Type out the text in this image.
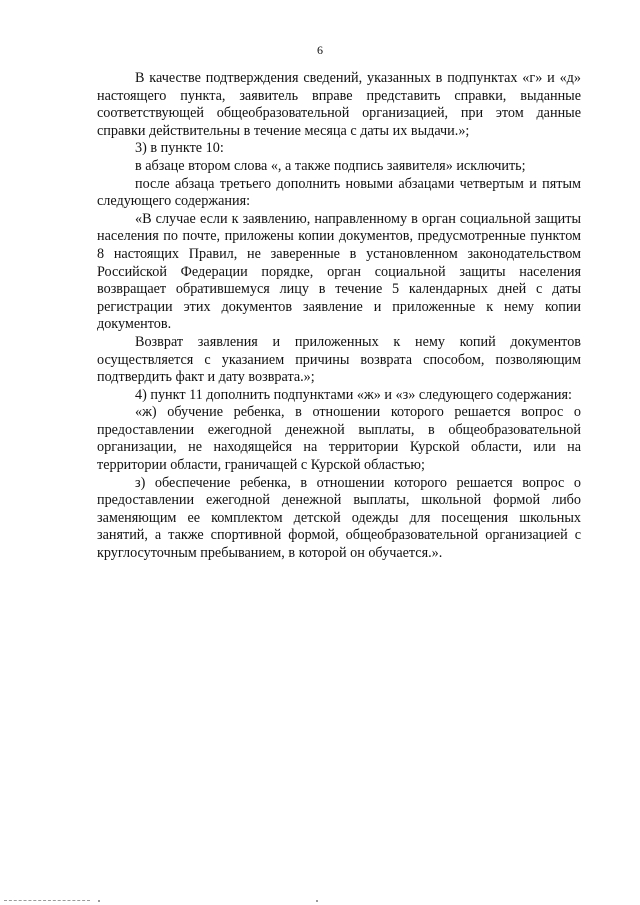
6

В качестве подтверждения сведений, указанных в подпунктах «г» и «д» настоящего пункта, заявитель вправе представить справки, выданные соответствующей общеобразовательной организацией, при этом данные справки действительны в течение месяца с даты их выдачи.»;

3) в пункте 10:

в абзаце втором слова «, а также подпись заявителя» исключить;

после абзаца третьего дополнить новыми абзацами четвертым и пятым следующего содержания:

«В случае если к заявлению, направленному в орган социальной защиты населения по почте, приложены копии документов, предусмотренные пунктом 8 настоящих Правил, не заверенные в установленном законодательством Российской Федерации порядке, орган социальной защиты населения возвращает обратившемуся лицу в течение 5 календарных дней с даты регистрации этих документов заявление и приложенные к нему копии документов.

Возврат заявления и приложенных к нему копий документов осуществляется с указанием причины возврата способом, позволяющим подтвердить факт и дату возврата.»;

4) пункт 11 дополнить подпунктами «ж» и «з» следующего содержания:

«ж) обучение ребенка, в отношении которого решается вопрос о предоставлении ежегодной денежной выплаты, в общеобразовательной организации, не находящейся на территории Курской области, или на территории области, граничащей с Курской областью;

з) обеспечение ребенка, в отношении которого решается вопрос о предоставлении ежегодной денежной выплаты, школьной формой либо заменяющим ее комплектом детской одежды для посещения школьных занятий, а также спортивной формой, общеобразовательной организацией с круглосуточным пребыванием, в которой он обучается.».
